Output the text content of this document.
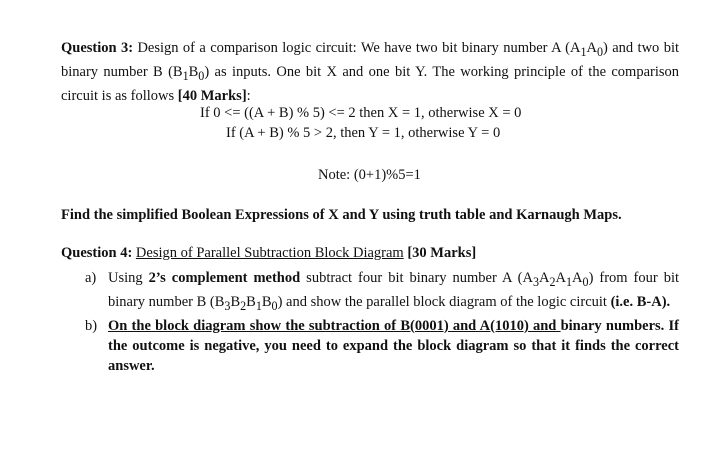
Question 3: Design of a comparison logic circuit: We have two bit binary number A $(A_1A_0)$ and two bit binary number B $(B_1B_0)$ as inputs. One bit X and one bit Y. The working principle of the comparison circuit is as follows [40 Marks]:

If 0 <= ((A + B) % 5) <= 2 then X = 1, otherwise X = 0
If (A + B) % 5 > 2, then Y = 1, otherwise Y = 0
Note: (0+1)%5=1
Find the simplified Boolean Expressions of X and Y using truth table and Karnaugh Maps.
Question 4: Design of Parallel Subtraction Block Diagram [30 Marks]
a) Using 2’s complement method subtract four bit binary number A $(A_3A_2A_1A_0)$ from four bit binary number B $(B_3B_2B_1B_0)$ and show the parallel block diagram of the logic circuit (i.e. B-A).
b) On the block diagram show the subtraction of B(0001) and A(1010) and binary numbers. If the outcome is negative, you need to expand the block diagram so that it finds the correct answer.
